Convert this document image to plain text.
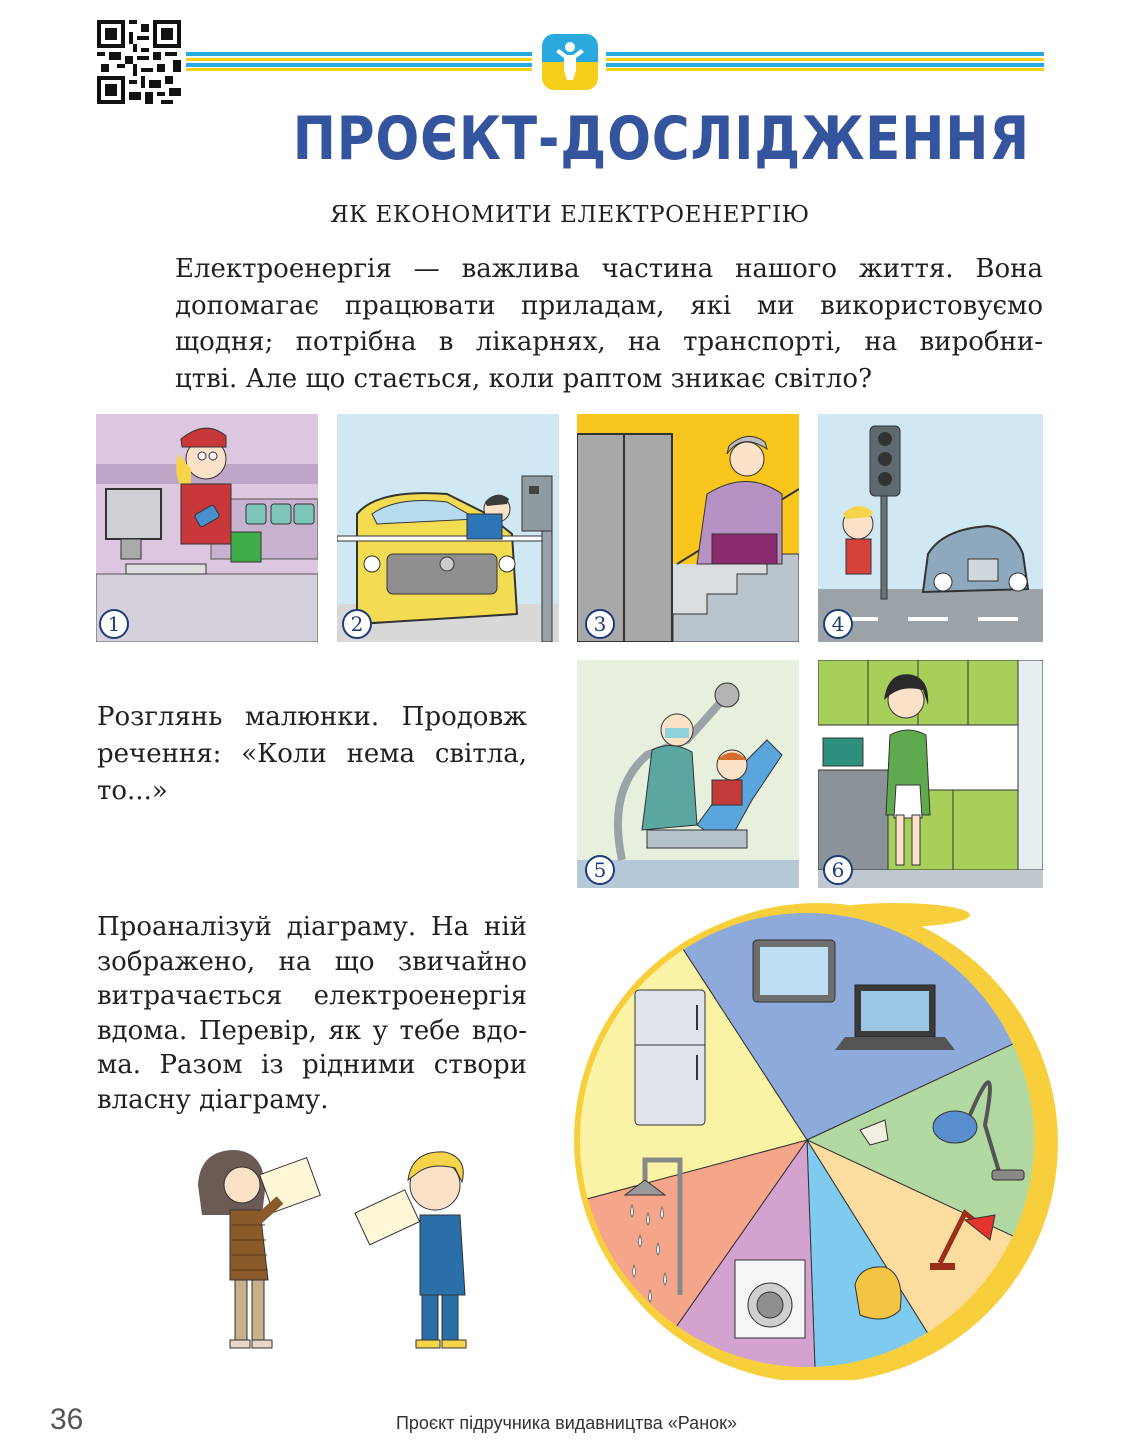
ПРОЄКТ-ДОСЛІДЖЕННЯ
ЯК ЕКОНОМИТИ ЕЛЕКТРОЕНЕРГІЮ
Електроенергія — важлива частина нашого життя. Вона
допомагає працювати приладам, які ми використовуємо
щодня; потрібна в лікарнях, на транспорті, на виробни-
цтві. Але що стається, коли раптом зникає світло?
1	2	3	4
5	6
Розглянь малюнки. Продовж
речення: «Коли нема світла,
то...»
Проаналізуй діаграму. На ній
зображено, на що звичайно
витрачається електроенергія
вдома. Перевір, як у тебе вдо-
ма. Разом із рідними створи
власну діаграму.
36	Проєкт підручника видавництва «Ранок»
